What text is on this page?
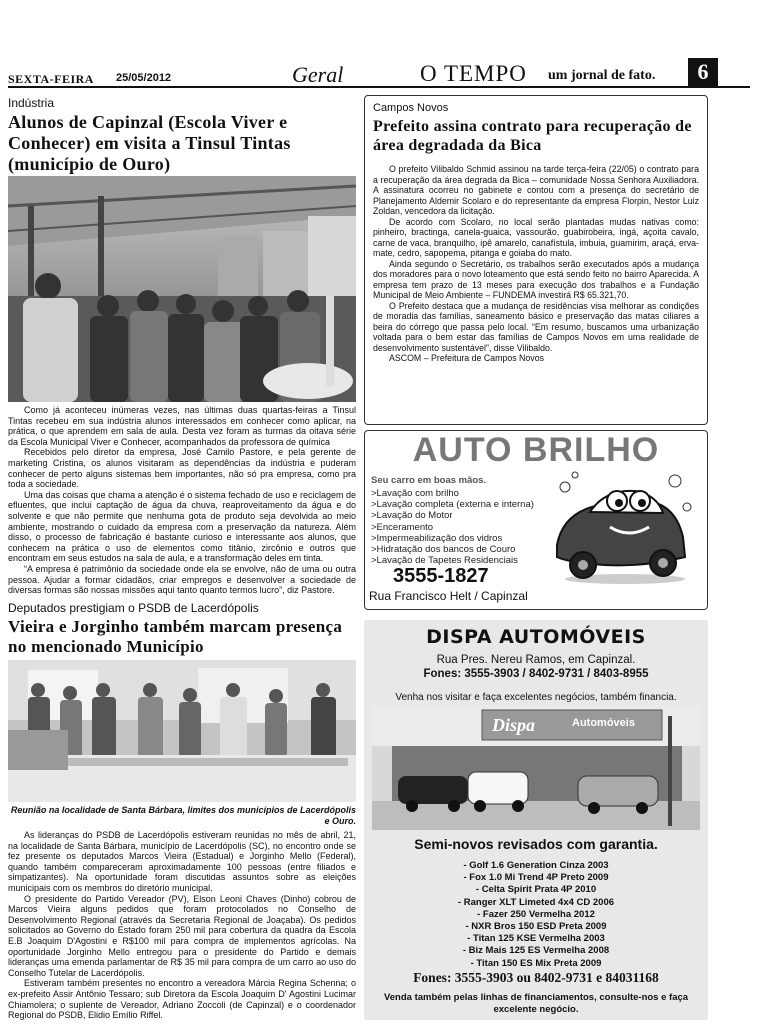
SEXTA-FEIRA 25/05/2012	Geral	O TEMPO um jornal de fato.	6
Indústria
Alunos de Capinzal (Escola Viver e Conhecer) em visita a Tinsul Tintas (município de Ouro)

Como já aconteceu inúmeras vezes, nas últimas duas quartas-feiras a Tinsul Tintas recebeu em sua indústria alunos interessados em conhecer como aplicar, na prática, o que aprendem em sala de aula. Desta vez foram as turmas da oitava série da Escola Municipal Viver e Conhecer, acompanhados da professora de química

Recebidos pelo diretor da empresa, José Camilo Pastore, e pela gerente de marketing Cristina, os alunos visitaram as dependências da indústria e puderam conhecer de perto alguns sistemas bem importantes, não só pra empresa, como pra toda a sociedade.

Uma das coisas que chama a atenção é o sistema fechado de uso e reciclagem de efluentes, que inclui captação de água da chuva, reaproveitamento da água e do solvente e que não permite que nenhuma gota de produto seja devolvida ao meio ambiente, mostrando o cuidado da empresa com a preservação da natureza. Além disso, o processo de fabricação é bastante curioso e interessante aos alunos, que conhecem na prática o uso de elementos como titânio, zircônio e outros que encontram em seus estudos na sala de aula, e a transformação deles em tinta.

“A empresa é patrimônio da sociedade onde ela se envolve, não de uma ou outra pessoa. Ajudar a formar cidadãos, criar empregos e desenvolver a sociedade de diversas formas são nossas missões aqui tanto quanto termos lucro”, diz Pastore.

Deputados prestigiam o PSDB de Lacerdópolis
Vieira e Jorginho também marcam presença no mencionado Município
Reunião na localidade de Santa Bárbara, limites dos municípios de Lacerdópolis e Ouro.

As lideranças do PSDB de Lacerdópolis estiveram reunidas no mês de abril, 21, na localidade de Santa Bárbara, município de Lacerdópolis (SC), no encontro onde se fez presente os deputados Marcos Vieira (Estadual) e Jorginho Mello (Federal), quando também compareceram aproximadamente 100 pessoas (entre filiados e simpatizantes). Na oportunidade foram discutidas assuntos sobre as eleições municipais com os membros do diretório municipal.

O presidente do Partido Vereador (PV), Elson Leoni Chaves (Dinho) cobrou de Marcos Vieira alguns pedidos que foram protocolados no Conselho de Desenvolvimento Regional (através da Secretaria Regional de Joaçaba). Os pedidos solicitados ao Governo do Estado foram 250 mil para cobertura da quadra da Escola E.B Joaquim D'Agostini e R$100 mil para compra de implementos agrícolas. Na oportunidade Jorginho Mello entregou para o presidente do Partido e demais lideranças uma emenda parlamentar de R$ 35 mil para compra de um carro ao uso do Conselho Tutelar de Lacerdópolis.

Estiveram também presentes no encontro a vereadora Márcia Regina Schenna; o ex-prefeito Assir Antônio Tessaro; sub Diretora da Escola Joaquim D' Agostini Lucimar Chiamolera; o suplente de Vereador, Adriano Zoccoli (de Capinzal) e o coordenador Regional do PSDB, Elidio Emílio Riffel.

Campos Novos
Prefeito assina contrato para recuperação de área degradada da Bica

O prefeito Vilibaldo Schmid assinou na tarde terça-feira (22/05) o contrato para a recuperação da área degrada da Bica – comunidade Nossa Senhora Auxiliadora. A assinatura ocorreu no gabinete e contou com a presença do secretário de Planejamento Aldemir Scolaro e do representante da empresa Florpin, Nestor Luiz Zoldan, vencedora da licitação.

De acordo com Scolaro, no local serão plantadas mudas nativas como: pinheiro, bractinga, canela-guaica, vassourão, guabirobeira, ingá, açoita cavalo, carne de vaca, branquilho, ipê amarelo, canafístula, imbuia, guamirim, araçá, erva-mate, cedro, sapopema, pitanga e goiaba do mato.

Ainda segundo o Secretário, os trabalhos serão executados após a mudança dos moradores para o novo loteamento que está sendo feito no bairro Aparecida. A empresa tem prazo de 13 meses para execução dos trabalhos e a Fundação Municipal de Meio Ambiente – FUNDEMA investirá R$ 65.321,70.

O Prefeito destaca que a mudança de residências visa melhorar as condições de moradia das famílias, saneamento básico e preservação das matas ciliares a beira do córrego que passa pelo local. “Em resumo, buscamos uma urbanização voltada para o bem estar das famílias de Campos Novos em uma realidade de desenvolvimento sustentável”, disse Vilibaldo.

ASCOM – Prefeitura de Campos Novos

AUTO BRILHO
Seu carro em boas mãos.
>Lavação com brilho
>Lavação completa (externa e interna)
>Lavação do Motor
>Enceramento
>Impermeabilização dos vidros
>Hidratação dos bancos de Couro
>Lavação de Tapetes Residenciais
3555-1827
Rua Francisco Helt / Capinzal
DISPA AUTOMÓVEIS
Rua Pres. Nereu Ramos, em Capinzal.
Fones: 3555-3903 / 8402-9731 / 8403-8955
Venha nos visitar e faça excelentes negócios, também financia.
Dispa	Automóveis
Semi-novos revisados com garantia.
- Golf 1.6 Generation Cinza 2003
- Fox 1.0 Mi Trend 4P Preto 2009
- Celta Spirit Prata 4P 2010
- Ranger XLT Limeted 4x4 CD 2006
- Fazer 250 Vermelha 2012
- NXR Bros 150 ESD Preta 2009
- Titan 125 KSE Vermelha 2003
- Biz Mais 125 ES Vermelha 2008
- Titan 150 ES Mix Preta 2009
Fones: 3555-3903 ou 8402-9731 e 84031168
Venda também pelas linhas de financiamentos, consulte-nos e faça excelente negócio.
